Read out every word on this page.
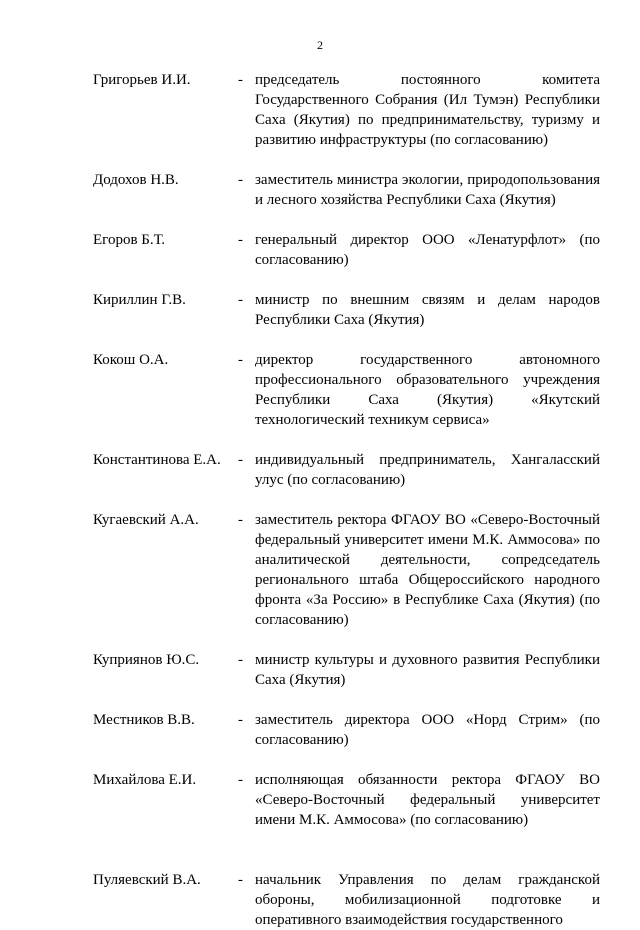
2
Григорьев И.И.	- председатель постоянного комитета Государственного Собрания (Ил Тумэн) Республики Саха (Якутия) по предпринимательству, туризму и развитию инфраструктуры (по согласованию)
Додохов Н.В.	- заместитель министра экологии, природопользования и лесного хозяйства Республики Саха (Якутия)
Егоров Б.Т.	- генеральный директор ООО «Ленатурфлот» (по согласованию)
Кириллин Г.В.	- министр по внешним связям и делам народов Республики Саха (Якутия)
Кокош О.А.	- директор государственного автономного профессионального образовательного учреждения Республики Саха (Якутия) «Якутский технологический техникум сервиса»
Константинова Е.А.	- индивидуальный предприниматель, Хангаласский улус (по согласованию)
Кугаевский А.А.	- заместитель ректора ФГАОУ ВО «Северо-Восточный федеральный университет имени М.К. Аммосова» по аналитической деятельности, сопредседатель регионального штаба Общероссийского народного фронта «За Россию» в Республике Саха (Якутия) (по согласованию)
Куприянов Ю.С.	- министр культуры и духовного развития Республики Саха (Якутия)
Местников В.В.	- заместитель директора ООО «Норд Стрим» (по согласованию)
Михайлова Е.И.	- исполняющая обязанности ректора ФГАОУ ВО «Северо-Восточный федеральный университет имени М.К. Аммосова» (по согласованию)
Пуляевский В.А.	- начальник Управления по делам гражданской обороны, мобилизационной подготовке и оперативного взаимодействия государственного
